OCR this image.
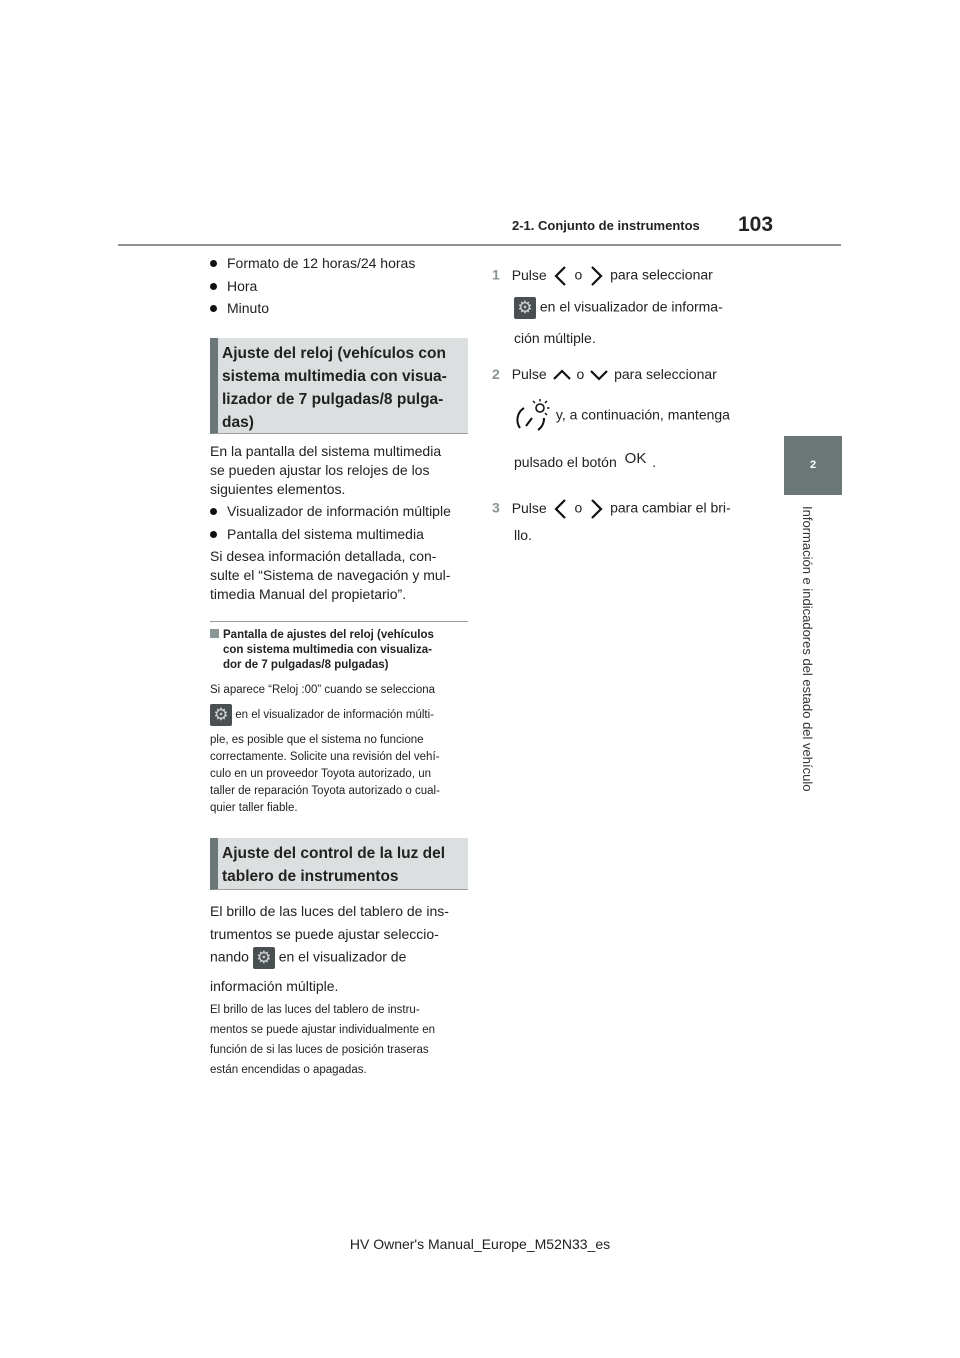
2-1. Conjunto de instrumentos 103
2
Información e indicadores del estado del vehículo
Formato de 12 horas/24 horas
Hora
Minuto
Ajuste del reloj (vehículos con
sistema multimedia con visua-
lizador de 7 pulgadas/8 pulga-
das)
En la pantalla del sistema multimedia
se pueden ajustar los relojes de los
siguientes elementos.
Visualizador de información múltiple
Pantalla del sistema multimedia
Si desea información detallada, con-
sulte el “Sistema de navegación y mul-
timedia Manual del propietario”.
Pantalla de ajustes del reloj (vehículos
con sistema multimedia con visualiza-
dor de 7 pulgadas/8 pulgadas)
Si aparece “Reloj :00” cuando se selecciona
⚙ en el visualizador de información múlti-
ple, es posible que el sistema no funcione
correctamente. Solicite una revisión del vehí-
culo en un proveedor Toyota autorizado, un
taller de reparación Toyota autorizado o cual-
quier taller fiable.
Ajuste del control de la luz del
tablero de instrumentos
El brillo de las luces del tablero de ins-
trumentos se puede ajustar seleccio-
nando ⚙ en el visualizador de
información múltiple.
El brillo de las luces del tablero de instru-
mentos se puede ajustar individualmente en
función de si las luces de posición traseras
están encendidas o apagadas.
1 Pulse o para seleccionar
⚙ en el visualizador de informa-
ción múltiple.
2 Pulse o para seleccionar
y, a continuación, mantenga
pulsado el botón OK .
3 Pulse o para cambiar el bri-
llo.
HV Owner's Manual_Europe_M52N33_es
